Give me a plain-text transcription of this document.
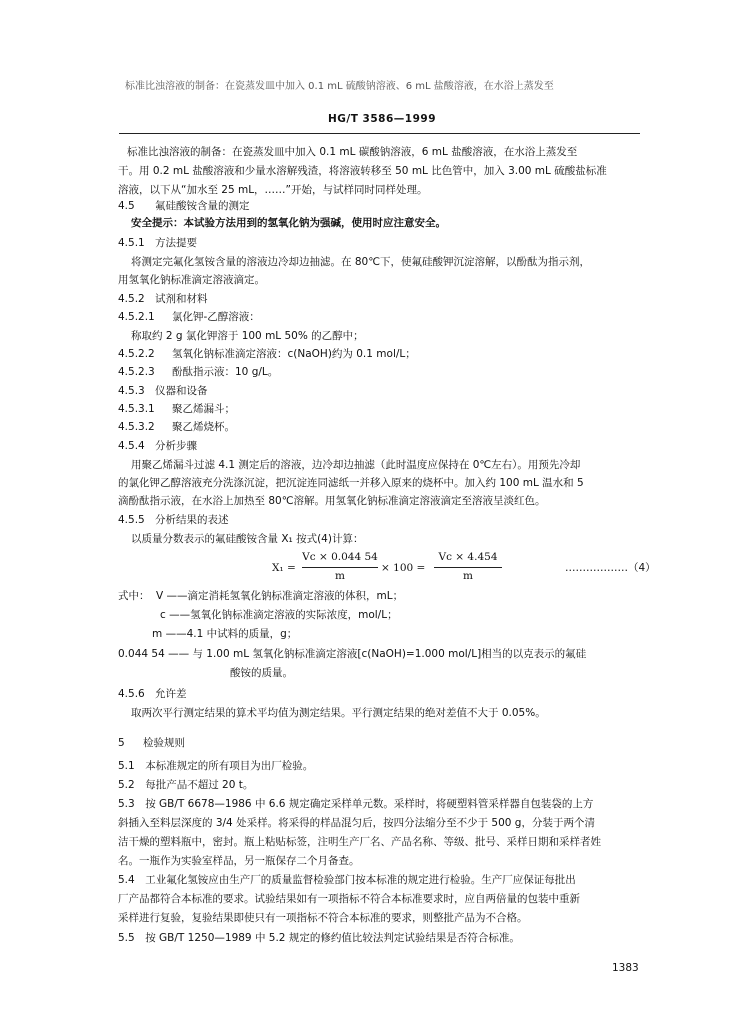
标准比浊溶液的制备：在瓷蒸发皿中加入 0.1 mL 硫酸钠溶液、6 mL 盐酸溶液，在水浴上蒸发至
HG/T 3586—1999
标准比浊溶液的制备：在瓷蒸发皿中加入 0.1 mL 碳酸钠溶液，6 mL 盐酸溶液，在水浴上蒸发至
干。用 0.2 mL 盐酸溶液和少量水溶解残渣，将溶液转移至 50 mL 比色管中，加入 3.00 mL 硫酸盐标准
溶液，以下从“加水至 25 mL，……”开始，与试样同时同样处理。
4.5 氟硅酸铵含量的测定
安全提示：本试验方法用到的氢氧化钠为强碱，使用时应注意安全。
4.5.1 方法提要
将测定完氟化氢铵含量的溶液边冷却边抽滤。在 80℃下，使氟硅酸钾沉淀溶解，以酚酞为指示剂，
用氢氧化钠标准滴定溶液滴定。
4.5.2 试剂和材料
4.5.2.1 氯化钾-乙醇溶液：
称取约 2 g 氯化钾溶于 100 mL 50% 的乙醇中；
4.5.2.2 氢氧化钠标准滴定溶液：c(NaOH)约为 0.1 mol/L；
4.5.2.3 酚酞指示液：10 g/L。
4.5.3 仪器和设备
4.5.3.1 聚乙烯漏斗；
4.5.3.2 聚乙烯烧杯。
4.5.4 分析步骤
用聚乙烯漏斗过滤 4.1 测定后的溶液，边冷却边抽滤（此时温度应保持在 0℃左右）。用预先冷却
的氯化钾乙醇溶液充分洗涤沉淀，把沉淀连同滤纸一并移入原来的烧杯中。加入约 100 mL 温水和 5
滴酚酞指示液，在水浴上加热至 80℃溶解。用氢氧化钠标准滴定溶液滴定至溶液呈淡红色。
4.5.5 分析结果的表述
以质量分数表示的氟硅酸铵含量 X₁ 按式(4)计算：
X₁ =
Vc × 0.044 54
m
× 100 =
Vc × 4.454
m
………………（4）
式中： V ——滴定消耗氢氧化钠标准滴定溶液的体积，mL；
c ——氢氧化钠标准滴定溶液的实际浓度，mol/L；
m ——4.1 中试料的质量，g；
0.044 54 —— 与 1.00 mL 氢氧化钠标准滴定溶液[c(NaOH)=1.000 mol/L]相当的以克表示的氟硅
酸铵的质量。
4.5.6 允许差
取两次平行测定结果的算术平均值为测定结果。平行测定结果的绝对差值不大于 0.05%。
5 检验规则
5.1　本标准规定的所有项目为出厂检验。
5.2　每批产品不超过 20 t。
5.3　按 GB/T 6678—1986 中 6.6 规定确定采样单元数。采样时，将硬塑料管采样器自包装袋的上方
斜插入至料层深度的 3/4 处采样。将采得的样品混匀后，按四分法缩分至不少于 500 g，分装于两个清
洁干燥的塑料瓶中，密封。瓶上粘贴标签，注明生产厂名、产品名称、等级、批号、采样日期和采样者姓
名。一瓶作为实验室样品，另一瓶保存二个月备查。
5.4　工业氟化氢铵应由生产厂的质量监督检验部门按本标准的规定进行检验。生产厂应保证每批出
厂产品都符合本标准的要求。试验结果如有一项指标不符合本标准要求时，应自两倍量的包装中重新
采样进行复验，复验结果即使只有一项指标不符合本标准的要求，则整批产品为不合格。
5.5　按 GB/T 1250—1989 中 5.2 规定的修约值比较法判定试验结果是否符合标准。
1383
